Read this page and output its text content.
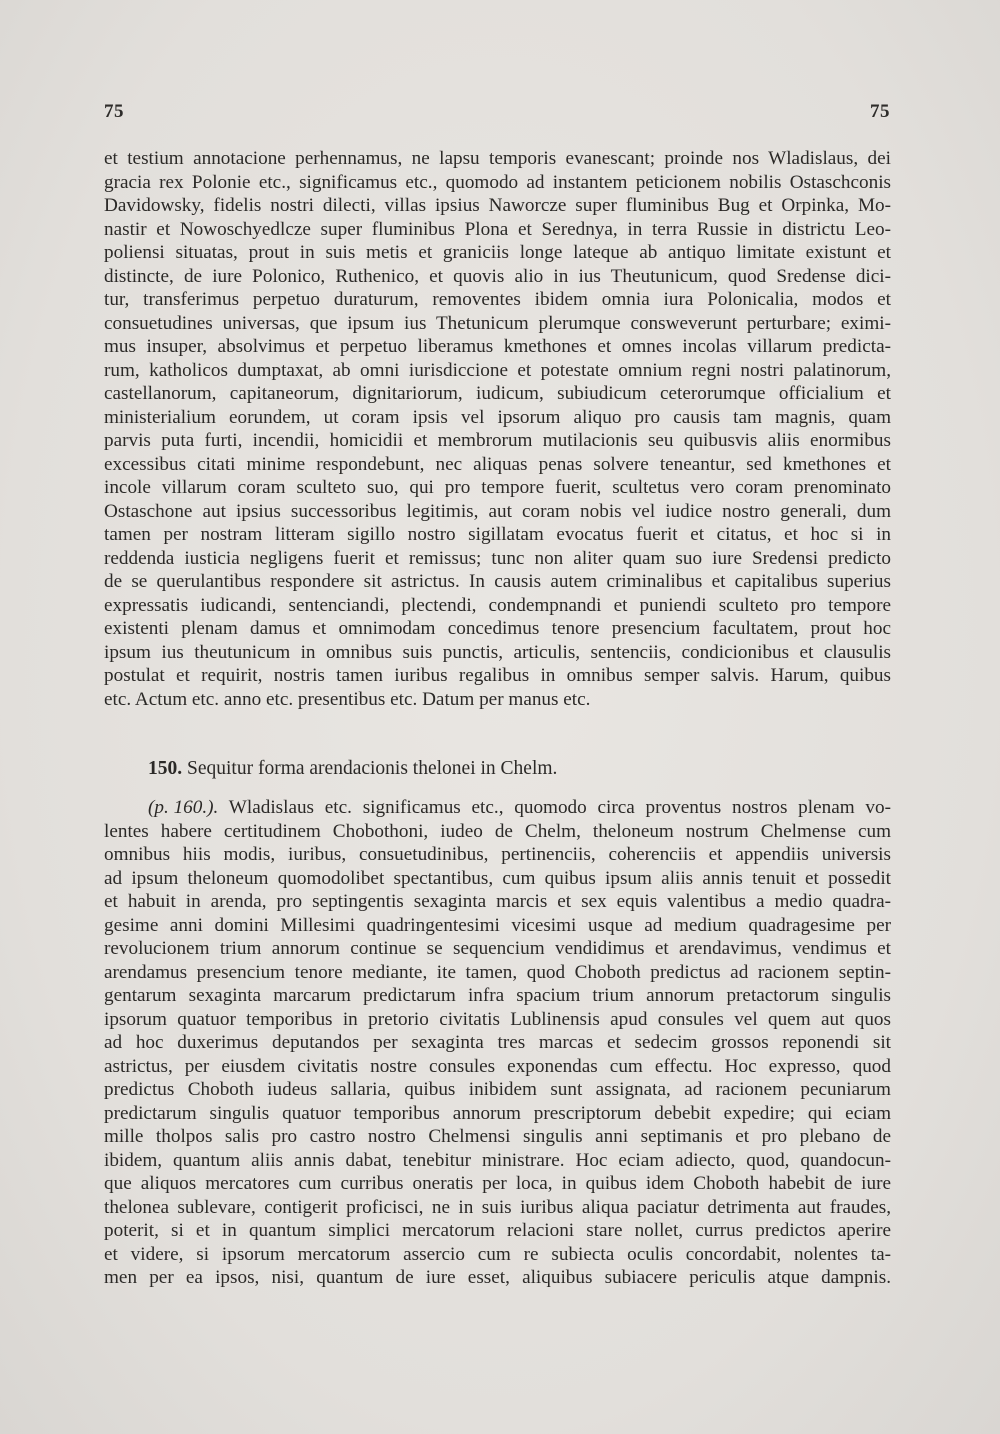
75	75
et testium annotacione perhennamus, ne lapsu temporis evanescant; proinde nos Wladislaus, dei
gracia rex Polonie etc., significamus etc., quomodo ad instantem peticionem nobilis Ostaschconis
Davidowsky, fidelis nostri dilecti, villas ipsius Naworcze super fluminibus Bug et Orpinka, Mo-
nastir et Nowoschyedlcze super fluminibus Plona et Serednya, in terra Russie in districtu Leo-
poliensi situatas, prout in suis metis et graniciis longe lateque ab antiquo limitate existunt et
distincte, de iure Polonico, Ruthenico, et quovis alio in ius Theutunicum, quod Sredense dici-
tur, transferimus perpetuo duraturum, removentes ibidem omnia iura Polonicalia, modos et
consuetudines universas, que ipsum ius Thetunicum plerumque consweverunt perturbare; eximi-
mus insuper, absolvimus et perpetuo liberamus kmethones et omnes incolas villarum predicta-
rum, katholicos dumptaxat, ab omni iurisdiccione et potestate omnium regni nostri palatinorum,
castellanorum, capitaneorum, dignitariorum, iudicum, subiudicum ceterorumque officialium et
ministerialium eorundem, ut coram ipsis vel ipsorum aliquo pro causis tam magnis, quam
parvis puta furti, incendii, homicidii et membrorum mutilacionis seu quibusvis aliis enormibus
excessibus citati minime respondebunt, nec aliquas penas solvere teneantur, sed kmethones et
incole villarum coram sculteto suo, qui pro tempore fuerit, scultetus vero coram prenominato
Ostaschone aut ipsius successoribus legitimis, aut coram nobis vel iudice nostro generali, dum
tamen per nostram litteram sigillo nostro sigillatam evocatus fuerit et citatus, et hoc si in
reddenda iusticia negligens fuerit et remissus; tunc non aliter quam suo iure Sredensi predicto
de se querulantibus respondere sit astrictus. In causis autem criminalibus et capitalibus superius
expressatis iudicandi, sentenciandi, plectendi, condempnandi et puniendi sculteto pro tempore
existenti plenam damus et omnimodam concedimus tenore presencium facultatem, prout hoc
ipsum ius theutunicum in omnibus suis punctis, articulis, sentenciis, condicionibus et clausulis
postulat et requirit, nostris tamen iuribus regalibus in omnibus semper salvis. Harum, quibus
etc. Actum etc. anno etc. presentibus etc. Datum per manus etc.
150. Sequitur forma arendacionis thelonei in Chelm.
(p. 160.). Wladislaus etc. significamus etc., quomodo circa proventus nostros plenam vo-
lentes habere certitudinem Chobothoni, iudeo de Chelm, theloneum nostrum Chelmense cum
omnibus hiis modis, iuribus, consuetudinibus, pertinenciis, coherenciis et appendiis universis
ad ipsum theloneum quomodolibet spectantibus, cum quibus ipsum aliis annis tenuit et possedit
et habuit in arenda, pro septingentis sexaginta marcis et sex equis valentibus a medio quadra-
gesime anni domini Millesimi quadringentesimi vicesimi usque ad medium quadragesime per
revolucionem trium annorum continue se sequencium vendidimus et arendavimus, vendimus et
arendamus presencium tenore mediante, ite tamen, quod Choboth predictus ad racionem septin-
gentarum sexaginta marcarum predictarum infra spacium trium annorum pretactorum singulis
ipsorum quatuor temporibus in pretorio civitatis Lublinensis apud consules vel quem aut quos
ad hoc duxerimus deputandos per sexaginta tres marcas et sedecim grossos reponendi sit
astrictus, per eiusdem civitatis nostre consules exponendas cum effectu. Hoc expresso, quod
predictus Choboth iudeus sallaria, quibus inibidem sunt assignata, ad racionem pecuniarum
predictarum singulis quatuor temporibus annorum prescriptorum debebit expedire; qui eciam
mille tholpos salis pro castro nostro Chelmensi singulis anni septimanis et pro plebano de
ibidem, quantum aliis annis dabat, tenebitur ministrare. Hoc eciam adiecto, quod, quandocun-
que aliquos mercatores cum curribus oneratis per loca, in quibus idem Choboth habebit de iure
thelonea sublevare, contigerit proficisci, ne in suis iuribus aliqua paciatur detrimenta aut fraudes,
poterit, si et in quantum simplici mercatorum relacioni stare nollet, currus predictos aperire
et videre, si ipsorum mercatorum assercio cum re subiecta oculis concordabit, nolentes ta-
men per ea ipsos, nisi, quantum de iure esset, aliquibus subiacere periculis atque dampnis.
